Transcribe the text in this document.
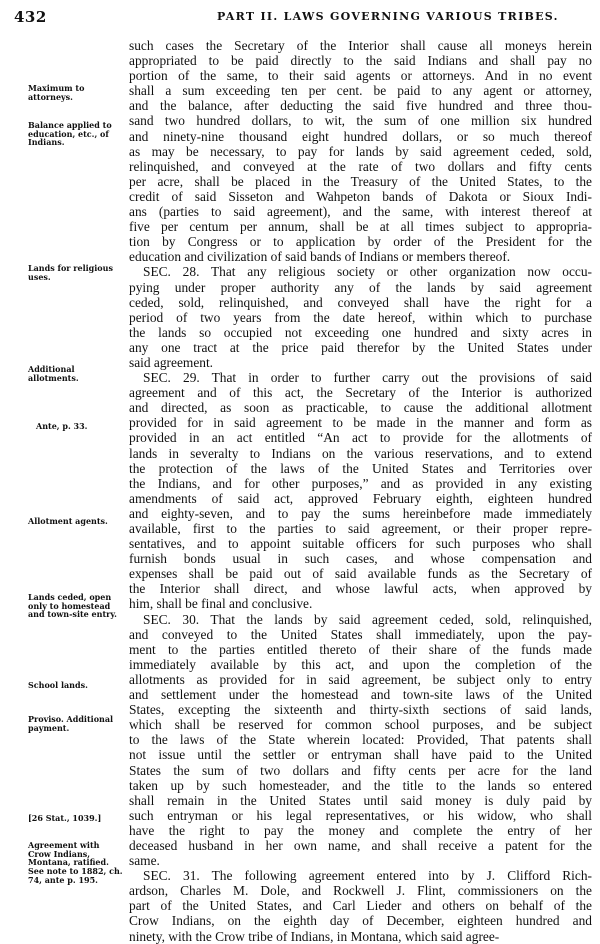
432	PART II. LAWS GOVERNING VARIOUS TRIBES.
Maximum to attorneys.
Balance applied to education, etc., of Indians.
Lands for religious uses.
Additional allotments.
Ante, p. 33.
Allotment agents.
Lands ceded, open only to homestead and town-site entry.
School lands.
Proviso. Additional payment.
[26 Stat., 1039.]
Agreement with Crow Indians, Montana, ratified.
See note to 1882, ch. 74, ante p. 195.
such cases the Secretary of the Interior shall cause all moneys herein
appropriated to be paid directly to the said Indians and shall pay no
portion of the same, to their said agents or attorneys. And in no event
shall a sum exceeding ten per cent. be paid to any agent or attorney,
and the balance, after deducting the said five hundred and three thou-
sand two hundred dollars, to wit, the sum of one million six hundred
and ninety-nine thousand eight hundred dollars, or so much thereof
as may be necessary, to pay for lands by said agreement ceded, sold,
relinquished, and conveyed at the rate of two dollars and fifty cents
per acre, shall be placed in the Treasury of the United States, to the
credit of said Sisseton and Wahpeton bands of Dakota or Sioux Indi-
ans (parties to said agreement), and the same, with interest thereof at
five per centum per annum, shall be at all times subject to appropria-
tion by Congress or to application by order of the President for the
education and civilization of said bands of Indians or members thereof.
SEC. 28. That any religious society or other organization now occu-
pying under proper authority any of the lands by said agreement
ceded, sold, relinquished, and conveyed shall have the right for a
period of two years from the date hereof, within which to purchase
the lands so occupied not exceeding one hundred and sixty acres in
any one tract at the price paid therefor by the United States under
said agreement.
SEC. 29. That in order to further carry out the provisions of said
agreement and of this act, the Secretary of the Interior is authorized
and directed, as soon as practicable, to cause the additional allotment
provided for in said agreement to be made in the manner and form as
provided in an act entitled “An act to provide for the allotments of
lands in severalty to Indians on the various reservations, and to extend
the protection of the laws of the United States and Territories over
the Indians, and for other purposes,” and as provided in any existing
amendments of said act, approved February eighth, eighteen hundred
and eighty-seven, and to pay the sums hereinbefore made immediately
available, first to the parties to said agreement, or their proper repre-
sentatives, and to appoint suitable officers for such purposes who shall
furnish bonds usual in such cases, and whose compensation and
expenses shall be paid out of said available funds as the Secretary of
the Interior shall direct, and whose lawful acts, when approved by
him, shall be final and conclusive.
SEC. 30. That the lands by said agreement ceded, sold, relinquished,
and conveyed to the United States shall immediately, upon the pay-
ment to the parties entitled thereto of their share of the funds made
immediately available by this act, and upon the completion of the
allotments as provided for in said agreement, be subject only to entry
and settlement under the homestead and town-site laws of the United
States, excepting the sixteenth and thirty-sixth sections of said lands,
which shall be reserved for common school purposes, and be subject
to the laws of the State wherein located: Provided, That patents shall
not issue until the settler or entryman shall have paid to the United
States the sum of two dollars and fifty cents per acre for the land
taken up by such homesteader, and the title to the lands so entered
shall remain in the United States until said money is duly paid by
such entryman or his legal representatives, or his widow, who shall
have the right to pay the money and complete the entry of her
deceased husband in her own name, and shall receive a patent for the
same.
SEC. 31. The following agreement entered into by J. Clifford Rich-
ardson, Charles M. Dole, and Rockwell J. Flint, commissioners on the
part of the United States, and Carl Lieder and others on behalf of the
Crow Indians, on the eighth day of December, eighteen hundred and
ninety, with the Crow tribe of Indians, in Montana, which said agree-
